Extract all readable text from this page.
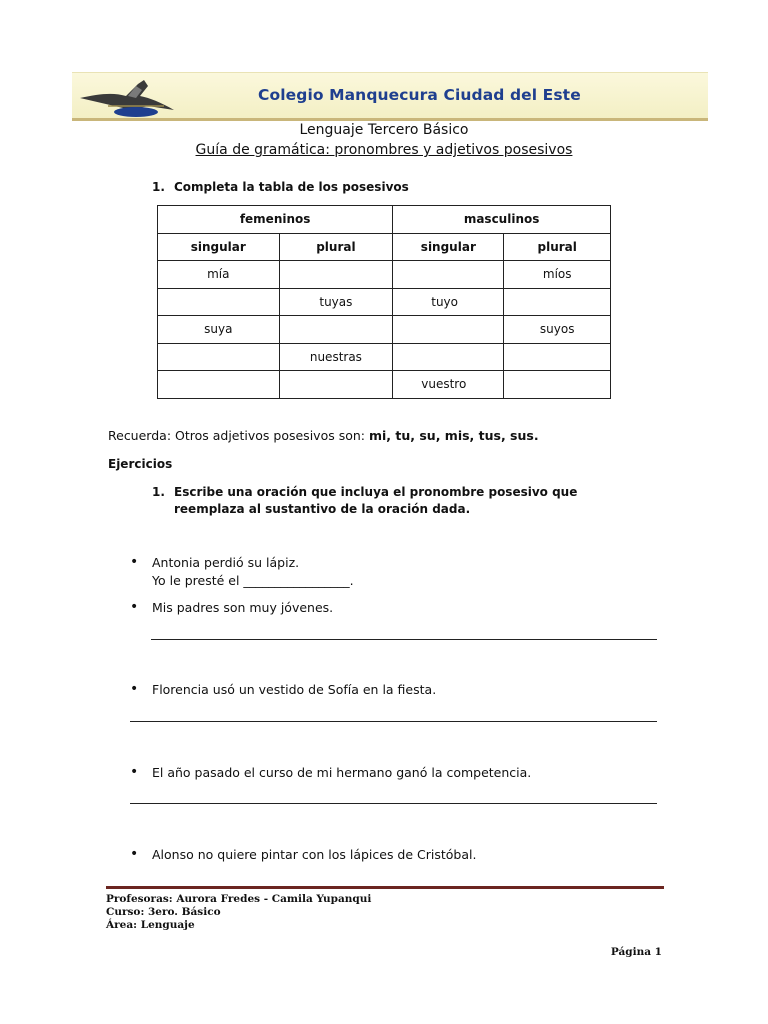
Colegio Manquecura Ciudad del Este
Lenguaje Tercero Básico
Guía de gramática: pronombres y adjetivos posesivos
1. Completa la tabla de los posesivos
femeninos		masculinos	
singular	plural	singular	plural
mía			míos
	tuyas	tuyo	
suya			suyos
	nuestras		
		vuestro	
Recuerda: Otros adjetivos posesivos son: mi, tu, su, mis, tus, sus.
Ejercicios
1. Escribe una oración que incluya el pronombre posesivo que reemplaza al sustantivo de la oración dada.
• Antonia perdió su lápiz.
Yo le presté el _________________.
• Mis padres son muy jóvenes.
• Florencia usó un vestido de Sofía en la fiesta.
• El año pasado el curso de mi hermano ganó la competencia.
• Alonso no quiere pintar con los lápices de Cristóbal.
Profesoras: Aurora Fredes - Camila Yupanqui
Curso: 3ero. Básico
Área: Lenguaje
Página 1
